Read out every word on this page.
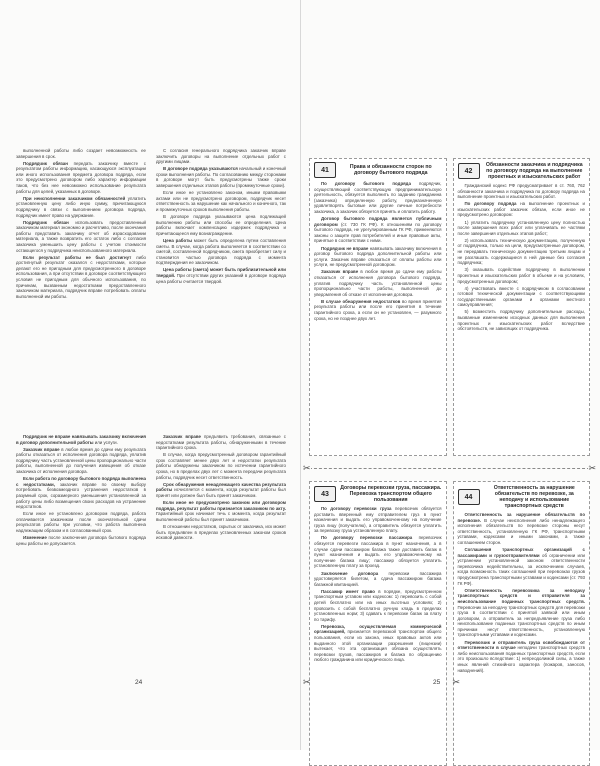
выполненной работы либо создает невозможность ее завершения в срок.

Подрядчик обязан передать заказчику вместе с результатом работы информацию, касающуюся эксплуатации или иного использования предмета договора подряда, если это предусмотрено договором либо характер информации таков, что без нее невозможно использование результата работы для целей, указанных в договоре.

При неисполнении заказчиком обязанностей уплатить установленную цену либо иную сумму, причитающуюся подрядчику в связи с выполнением договора подряда, подрядчик имеет право на удержание.

Подрядчик обязан использовать предоставленный заказчиком материал экономно и расчетливо, после окончания работы представить заказчику отчет об израсходовании материала, а также возвратить его остаток либо с согласия заказчика уменьшить цену работы с учетом стоимости остающегося у подрядчика неиспользованного материала.

Если результат работы не был достигнут либо достигнутый результат оказался с недостатками, которые делают его не пригодным для предусмотренного в договоре использования, а при отсутствии в договоре соответствующего условия не пригодным для обычного использования, по причинам, вызванным недостатками предоставленного заказчиком материала, подрядчик вправе потребовать оплаты выполненной им работы.

С согласия генерального подрядчика заказчик вправе заключить договоры на выполнение отдельных работ с другими лицами.

В договоре подряда указываются начальный и конечный сроки выполнения работы. По согласованию между сторонами в договоре могут быть предусмотрены также сроки завершения отдельных этапов работы (промежуточные сроки).

Если иное не установлено законом, иными правовыми актами или не предусмотрено договором, подрядчик несет ответственность за нарушение как начального и конечного, так и промежуточных сроков выполнения работы.

В договоре подряда указываются цена подлежащей выполнению работы или способы ее определения. Цена работы включает компенсацию издержек подрядчика и причитающееся ему вознаграждение.

Цена работы может быть определена путем составления сметы. В случае, когда работа выполняется в соответствии со сметой, составленной подрядчиком, смета приобретает силу и становится частью договора подряда с момента подтверждения ее заказчиком.

Цена работы (смета) может быть приблизительной или твердой. При отсутствии других указаний в договоре подряда цена работы считается твердой.

Подрядчик не вправе навязывать заказчику включения в договор дополнительной работы или услуги.

Заказчик вправе в любое время до сдачи ему результата работы отказаться от исполнения договора подряда, уплатив подрядчику часть установленной цены пропорционально части работы, выполненной до получения извещения об отказе заказчика от исполнения договора.

Если работа по договору бытового подряда выполнена с недостатками, заказчик вправе по своему выбору потребовать безвозмездного устранения недостатков в разумный срок, соразмерного уменьшения установленной за работу цены либо возмещения своих расходов на устранение недостатков.

Если иное не установлено договором подряда, работа оплачивается заказчиком после окончательной сдачи результатов работы при условии, что работа выполнена надлежащим образом и в согласованный срок.

Изменение после заключения договора бытового подряда цены работы не допускается.

Заказчик вправе предъявить требования, связанные с недостатками результата работы, обнаруженными в течение гарантийного срока.

В случае, когда предусмотренный договором гарантийный срок составляет менее двух лет и недостатки результата работы обнаружены заказчиком по истечении гарантийного срока, но в пределах двух лет с момента передачи результата работы, подрядчик несет ответственность.

Срок обнаружения ненадлежащего качества результата работы исчисляется с момента, когда результат работы был принят или должен был быть принят заказчиком.

Если иное не предусмотрено законом или договором подряда, результат работы признается заказчиком по акту. Гарантийный срок начинает течь с момента, когда результат выполненной работы был принят заказчиком.

В отношении недостатков, скрытых от заказчика, иск может быть предъявлен в пределах установленных законом сроков исковой давности.

24
41	Права и обязанности сторон по договору бытового подряда

По договору бытового подряда подрядчик, осуществляющий соответствующую предпринимательскую деятельность, обязуется выполнить по заданию гражданина (заказчика) определенную работу, предназначенную удовлетворять бытовые или другие личные потребности заказчика, а заказчик обязуется принять и оплатить работу.

Договор бытового подряда является публичным договором (ст. 730 ГК РФ). К отношениям по договору бытового подряда, не урегулированным ГК РФ, применяются законы о защите прав потребителей и иные правовые акты, принятые в соответствии с ними.

Подрядчик не вправе навязывать заказчику включения в договор бытового подряда дополнительной работы или услуги. Заказчик вправе отказаться от оплаты работы или услуги, не предусмотренной договором.

Заказчик вправе в любое время до сдачи ему работы отказаться от исполнения договора бытового подряда, уплатив подрядчику часть установленной цены пропорционально части работы, выполненной до уведомления об отказе от исполнения договора.

В случае обнаружения недостатков во время принятия результата работы или после его принятия в течение гарантийного срока, а если он не установлен, — разумного срока, но не позднее двух лет.

42
Обязанности заказчика и подрядчика по договору подряда на выполнение проектных и изыскательских работ

Гражданский кодекс РФ предусматривает в ст. 760, 762 обязанности заказчика и подрядчика по договору подряда на выполнение проектных и изыскательских работ.

По договору подряда на выполнение проектных и изыскательских работ заказчик обязан, если иное не предусмотрено договором:

1) уплатить подрядчику установленную цену полностью после завершения всех работ или уплачивать ее частями после завершения отдельных этапов работ;

2) использовать техническую документацию, полученную от подрядчика, только на цели, предусмотренные договором, не передавать техническую документацию третьим лицам и не разглашать содержащиеся в ней данные без согласия подрядчика;

3) оказывать содействие подрядчику в выполнении проектных и изыскательских работ в объеме и на условиях, предусмотренных договором;

4) участвовать вместе с подрядчиком в согласовании готовой технической документации с соответствующими государственными органами и органами местного самоуправления;

5) возместить подрядчику дополнительные расходы, вызванные изменением исходных данных для выполнения проектных и изыскательских работ вследствие обстоятельств, не зависящих от подрядчика.

✂	✂
43
Договоры перевозки груза, пассажира. Перевозка транспортом общего пользования

По договору перевозки груза перевозчик обязуется доставить вверенный ему отправителем груз в пункт назначения и выдать его управомоченному на получение груза лицу (получателю), а отправитель обязуется уплатить за перевозку груза установленную плату.

По договору перевозки пассажира перевозчик обязуется перевезти пассажира в пункт назначения, а в случае сдачи пассажиром багажа также доставить багаж в пункт назначения и выдать его управомоченному на получение багажа лицу; пассажир обязуется уплатить установленную плату за проезд.

Заключение договора перевозки пассажира удостоверяется билетом, а сдача пассажиром багажа багажной квитанцией.

Пассажир имеет право в порядке, предусмотренном транспортным уставом или кодексом: 1) перевозить с собой детей бесплатно или на иных льготных условиях; 2) провозить с собой бесплатно ручную кладь в пределах установленных норм; 3) сдавать к перевозке багаж за плату по тарифу.

Перевозка, осуществляемая коммерческой организацией, признается перевозкой транспортом общего пользования, если из закона, иных правовых актов или выданного этой организации разрешения (лицензии) вытекает, что эта организация обязана осуществлять перевозки грузов, пассажиров и багажа по обращению любого гражданина или юридического лица.

44
Ответственность за нарушение обязательств по перевозке, за неподачу и использование транспортных средств

Ответственность за нарушение обязательств по перевозке. В случае неисполнения либо ненадлежащего исполнения обязательств по перевозке стороны несут ответственность, установленную ГК РФ, транспортными уставами, кодексами и иными законами, а также соглашением сторон.

Соглашения транспортных организаций с пассажирами и грузоотправителями об ограничении или устранении установленной законом ответственности перевозчика недействительны, за исключением случаев, когда возможность таких соглашений при перевозках грузов предусмотрена транспортными уставами и кодексами (ст. 793 ГК РФ).

Ответственность перевозчика за неподачу транспортных средств и отправителя за неиспользование поданных транспортных средств. Перевозчик за неподачу транспортных средств для перевозки груза в соответствии с принятой заявкой или иным договором, а отправитель за непредъявление груза либо неиспользование поданных транспортных средств по иным причинам несут ответственность, установленную транспортными уставами и кодексами.

Перевозчик и отправитель груза освобождаются от ответственности в случае неподачи транспортных средств либо неиспользования поданных транспортных средств, если это произошло вследствие: 1) непреодолимой силы, а также иных явлений стихийного характера (пожаров, заносов, наводнений).

✂	✂
25
